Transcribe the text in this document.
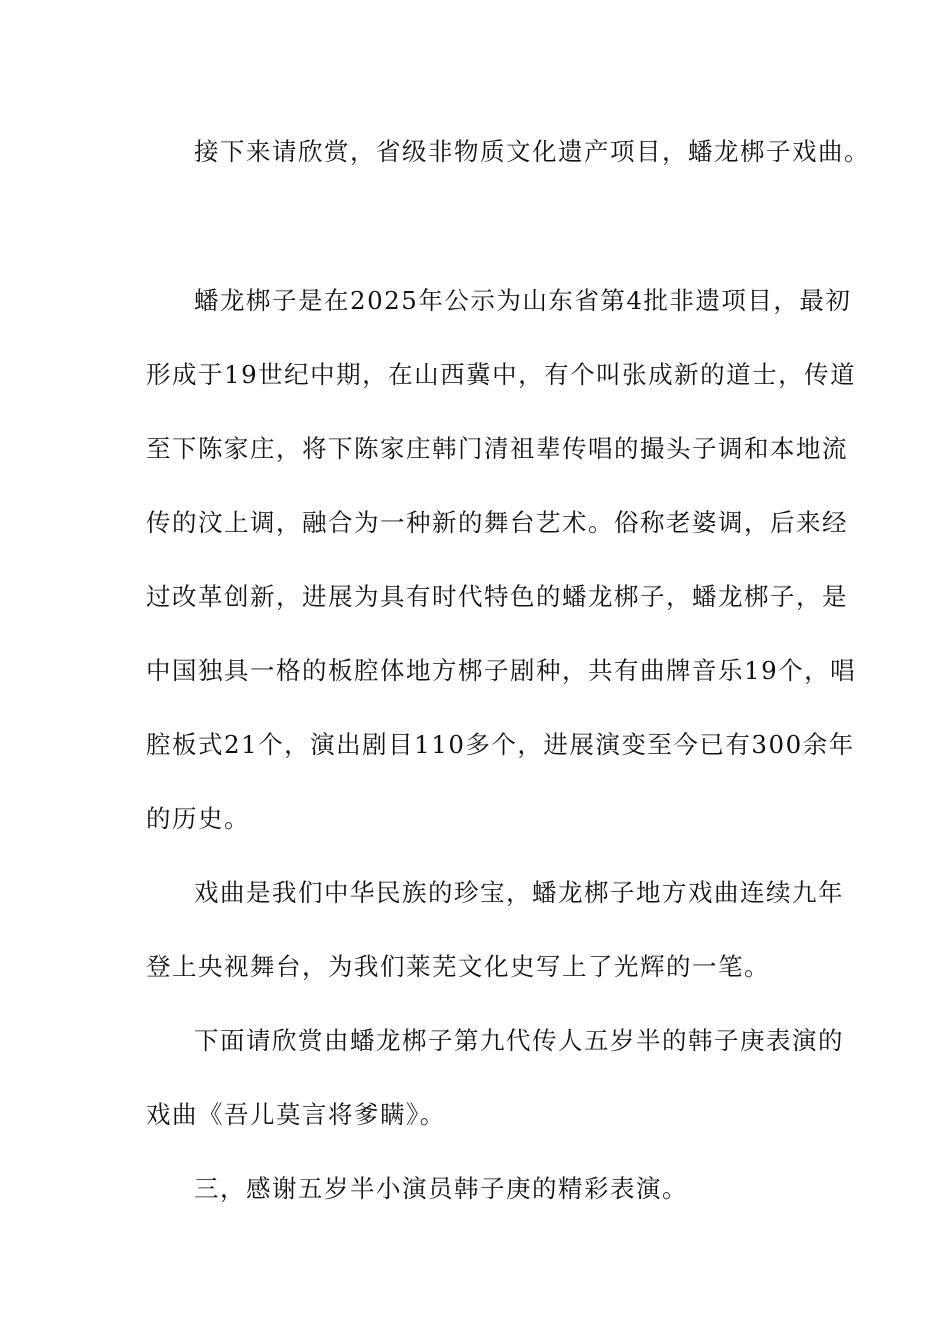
接下来请欣赏，省级非物质文化遗产项目，蟠龙梆子戏曲。
蟠龙梆子是在2025年公示为山东省第4批非遗项目，最初
形成于19世纪中期，在山西冀中，有个叫张成新的道士，传道
至下陈家庄，将下陈家庄韩门清祖辈传唱的撮头子调和本地流
传的汶上调，融合为一种新的舞台艺术。俗称老婆调，后来经
过改革创新，进展为具有时代特色的蟠龙梆子，蟠龙梆子，是
中国独具一格的板腔体地方梆子剧种，共有曲牌音乐19个，唱
腔板式21个，演出剧目110多个，进展演变至今已有300余年
的历史。
戏曲是我们中华民族的珍宝，蟠龙梆子地方戏曲连续九年
登上央视舞台，为我们莱芜文化史写上了光辉的一笔。
下面请欣赏由蟠龙梆子第九代传人五岁半的韩子庚表演的
戏曲《吾儿莫言将爹瞒》。
三，感谢五岁半小演员韩子庚的精彩表演。
